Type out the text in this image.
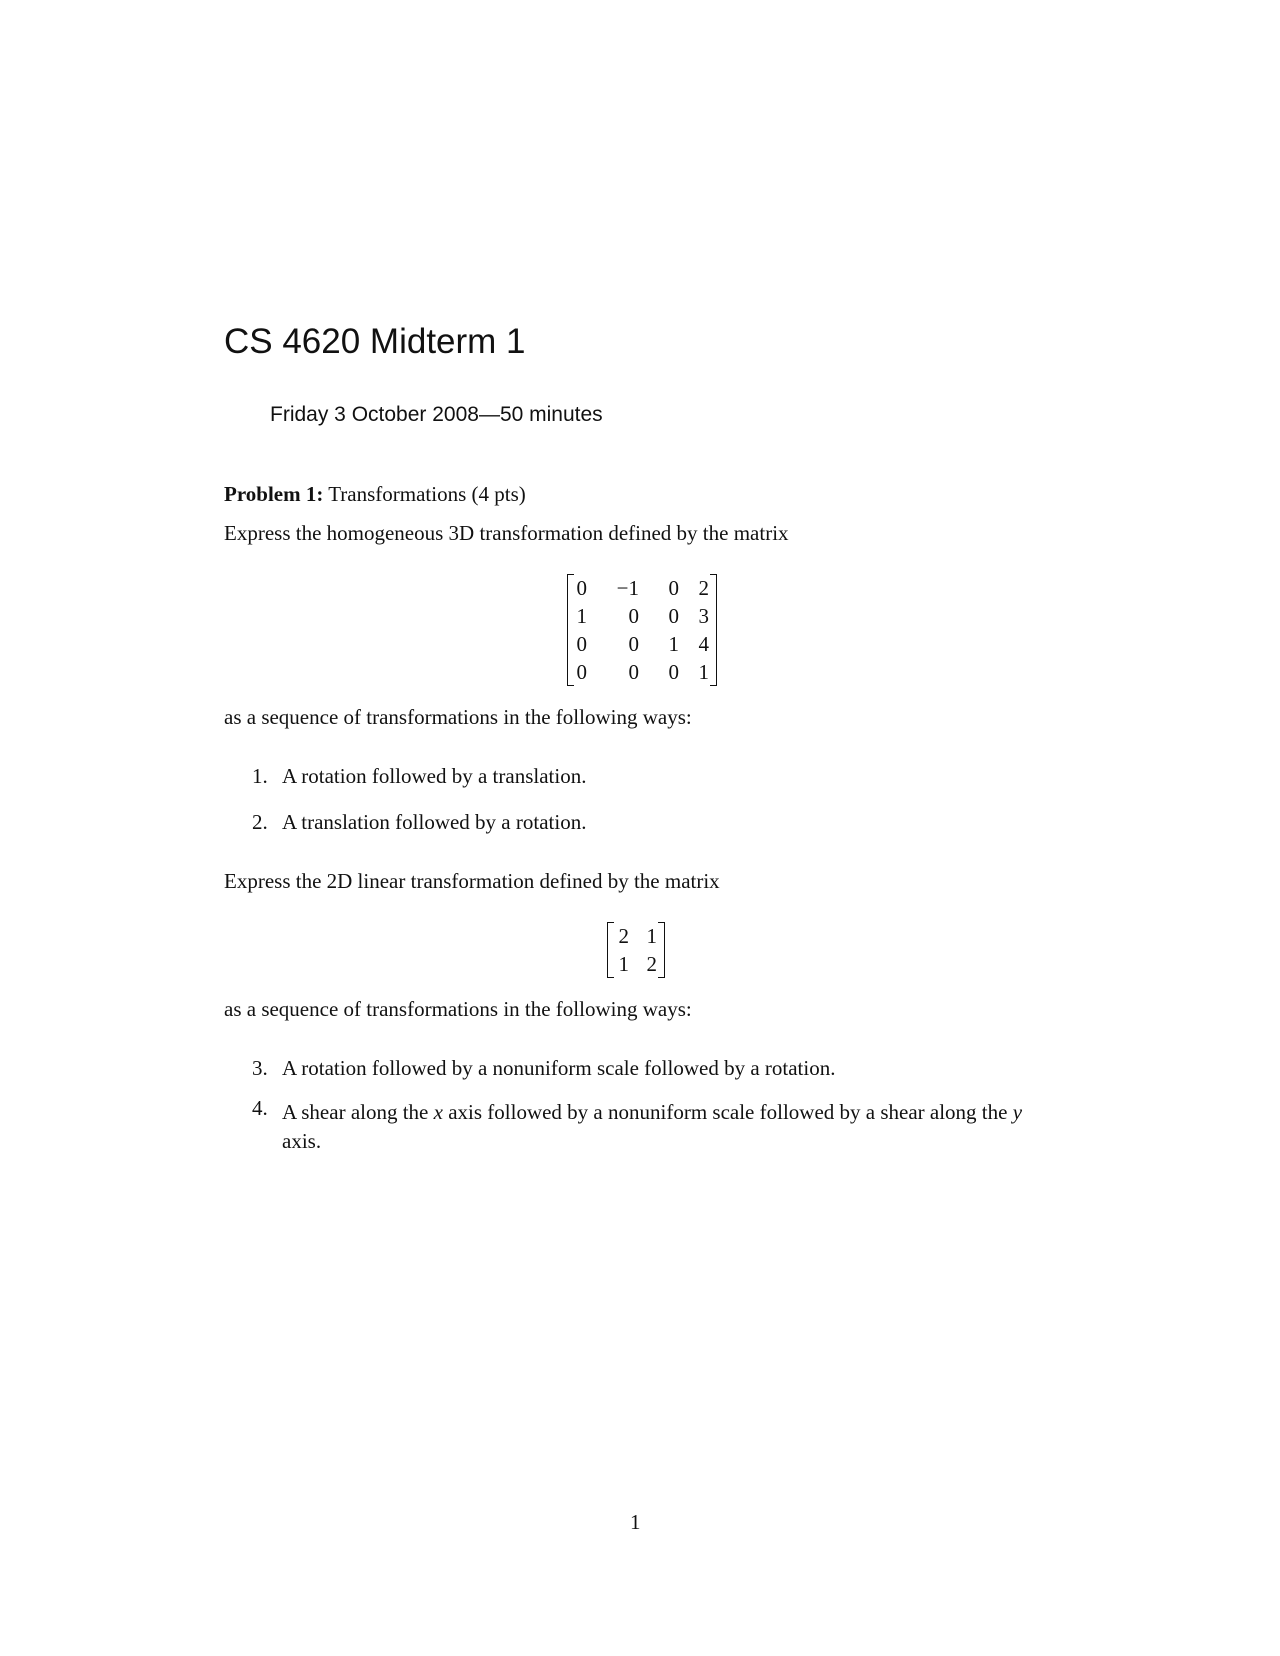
CS 4620 Midterm 1
Friday 3 October 2008—50 minutes
Problem 1: Transformations (4 pts)

Express the homogeneous 3D transformation defined by the matrix

0	−1	0 2
1	0	0 3
0	0	1 4
0	0	0 1

as a sequence of transformations in the following ways:

1. A rotation followed by a translation.
2. A translation followed by a rotation.

Express the 2D linear transformation defined by the matrix

2 1
1 2

as a sequence of transformations in the following ways:

3. A rotation followed by a nonuniform scale followed by a rotation.
4. A shear along the x axis followed by a nonuniform scale followed by a shear along the y axis.
1
